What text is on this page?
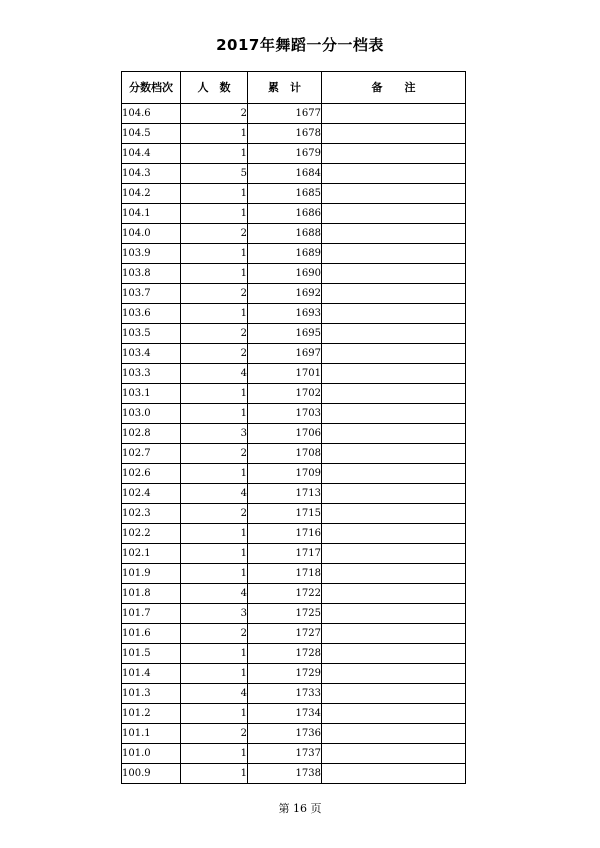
2017年舞蹈一分一档表
分数档次	人　数	累　计	备　　注
104.6	2	1677	
104.5	1	1678	
104.4	1	1679	
104.3	5	1684	
104.2	1	1685	
104.1	1	1686	
104.0	2	1688	
103.9	1	1689	
103.8	1	1690	
103.7	2	1692	
103.6	1	1693	
103.5	2	1695	
103.4	2	1697	
103.3	4	1701	
103.1	1	1702	
103.0	1	1703	
102.8	3	1706	
102.7	2	1708	
102.6	1	1709	
102.4	4	1713	
102.3	2	1715	
102.2	1	1716	
102.1	1	1717	
101.9	1	1718	
101.8	4	1722	
101.7	3	1725	
101.6	2	1727	
101.5	1	1728	
101.4	1	1729	
101.3	4	1733	
101.2	1	1734	
101.1	2	1736	
101.0	1	1737	
100.9	1	1738	
第 16 页
